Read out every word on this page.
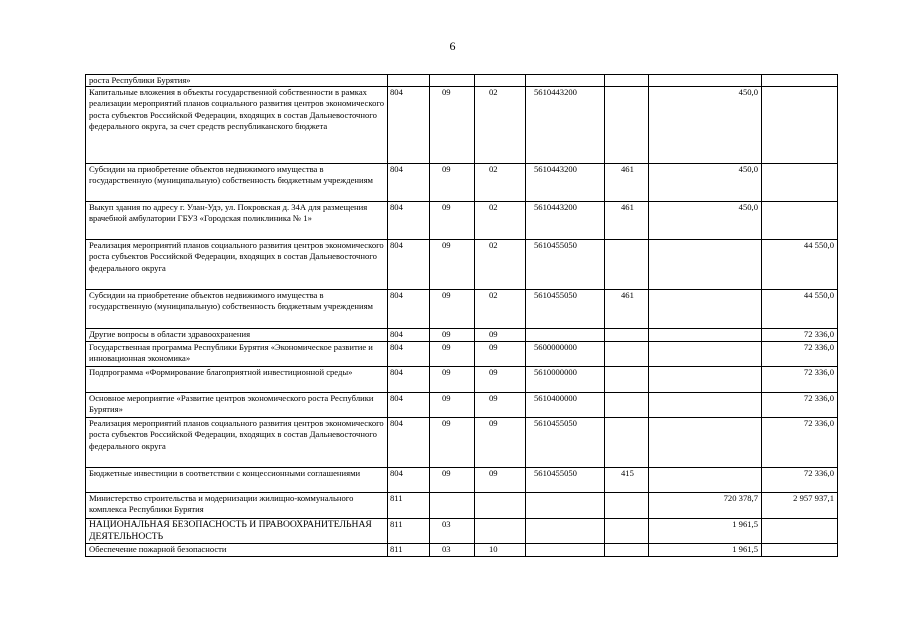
6
роста Республики Бурятия»							
Капитальные вложения в объекты государственной собственности в рамках реализации мероприятий планов социального развития центров экономического роста субъектов Российской Федерации, входящих в состав Дальневосточного федерального округа, за счет средств республиканского бюджета	804	09	02	5610443200		450,0	
Субсидии на приобретение объектов недвижимого имущества в государственную (муниципальную) собственность бюджетным учреждениям	804	09	02	5610443200	461	450,0	
Выкуп здания по адресу г. Улан-Удэ, ул. Покровская д. 34А для размещения врачебной амбулатории ГБУЗ «Городская поликлиника № 1»	804	09	02	5610443200	461	450,0	
Реализация мероприятий планов социального развития центров экономического роста субъектов Российской Федерации, входящих в состав Дальневосточного федерального округа	804	09	02	5610455050			44 550,0
Субсидии на приобретение объектов недвижимого имущества в государственную (муниципальную) собственность бюджетным учреждениям	804	09	02	5610455050	461		44 550,0
Другие вопросы в области здравоохранения	804	09	09				72 336,0
Государственная программа Республики Бурятия «Экономическое развитие и инновационная экономика»	804	09	09	5600000000			72 336,0
Подпрограмма «Формирование благоприятной инвестиционной среды»	804	09	09	5610000000			72 336,0
Основное мероприятие «Развитие центров экономического роста Республики Бурятия»	804	09	09	5610400000			72 336,0
Реализация мероприятий планов социального развития центров экономического роста субъектов Российской Федерации, входящих в состав Дальневосточного федерального округа	804	09	09	5610455050			72 336,0
Бюджетные инвестиции в соответствии с концессионными соглашениями	804	09	09	5610455050	415		72 336,0
Министерство строительства и модернизации жилищно-коммунального комплекса Республики Бурятия	811					720 378,7	2 957 937,1
НАЦИОНАЛЬНАЯ БЕЗОПАСНОСТЬ И ПРАВООХРАНИТЕЛЬНАЯ ДЕЯТЕЛЬНОСТЬ	811	03				1 961,5	
Обеспечение пожарной безопасности	811	03	10			1 961,5	
